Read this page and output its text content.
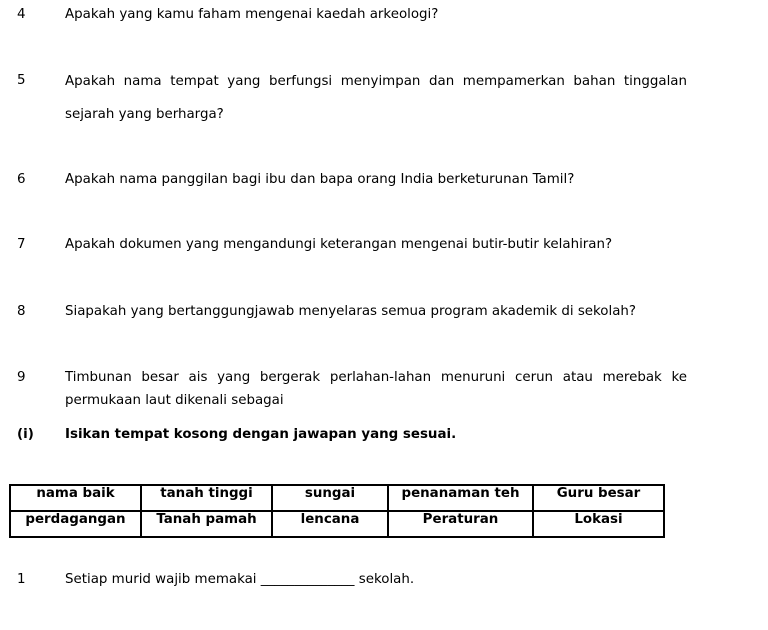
4	Apakah yang kamu faham mengenai kaedah arkeologi?
5	Apakah nama tempat yang berfungsi menyimpan dan mempamerkan bahan tinggalan sejarah yang berharga?
6	Apakah nama panggilan bagi ibu dan bapa orang India berketurunan Tamil?
7	Apakah dokumen yang mengandungi keterangan mengenai butir-butir kelahiran?
8	Siapakah yang bertanggungjawab menyelaras semua program akademik di sekolah?
9	Timbunan besar ais yang bergerak perlahan-lahan menuruni cerun atau merebak ke permukaan laut dikenali sebagai
(i) Isikan tempat kosong dengan jawapan yang sesuai.
nama baik	tanah tinggi	sungai	penanaman teh	Guru besar
perdagangan	Tanah pamah	lencana	Peraturan	Lokasi
1	Setiap murid wajib memakai ______________ sekolah.
